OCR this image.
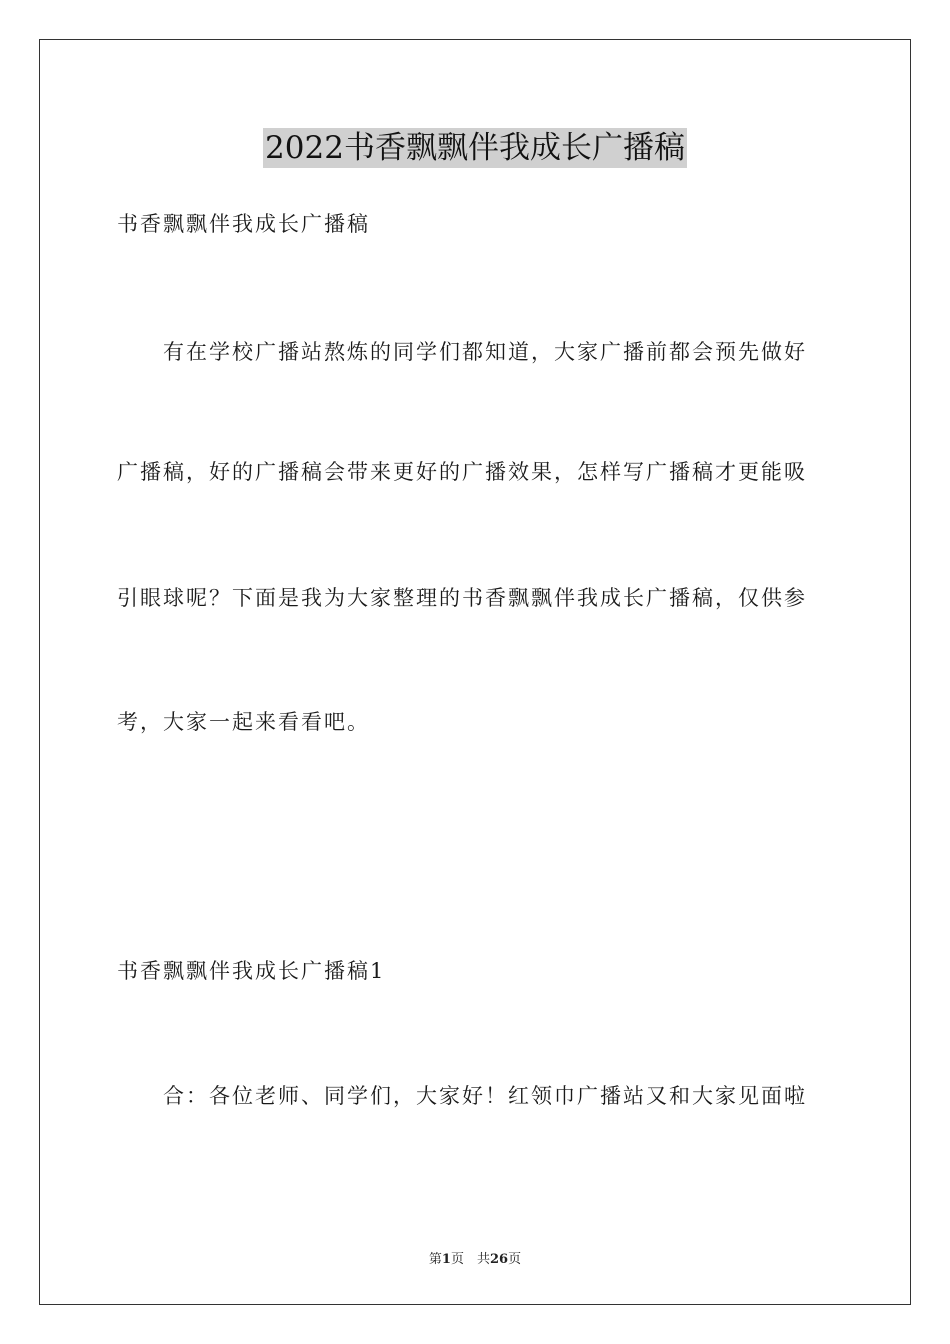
2022书香飘飘伴我成长广播稿
书香飘飘伴我成长广播稿
有在学校广播站熬炼的同学们都知道，大家广播前都会预先做好
广播稿，好的广播稿会带来更好的广播效果，怎样写广播稿才更能吸
引眼球呢？下面是我为大家整理的书香飘飘伴我成长广播稿，仅供参
考，大家一起来看看吧。
书香飘飘伴我成长广播稿1
合：各位老师、同学们，大家好！红领巾广播站又和大家见面啦
第1页　共26页
